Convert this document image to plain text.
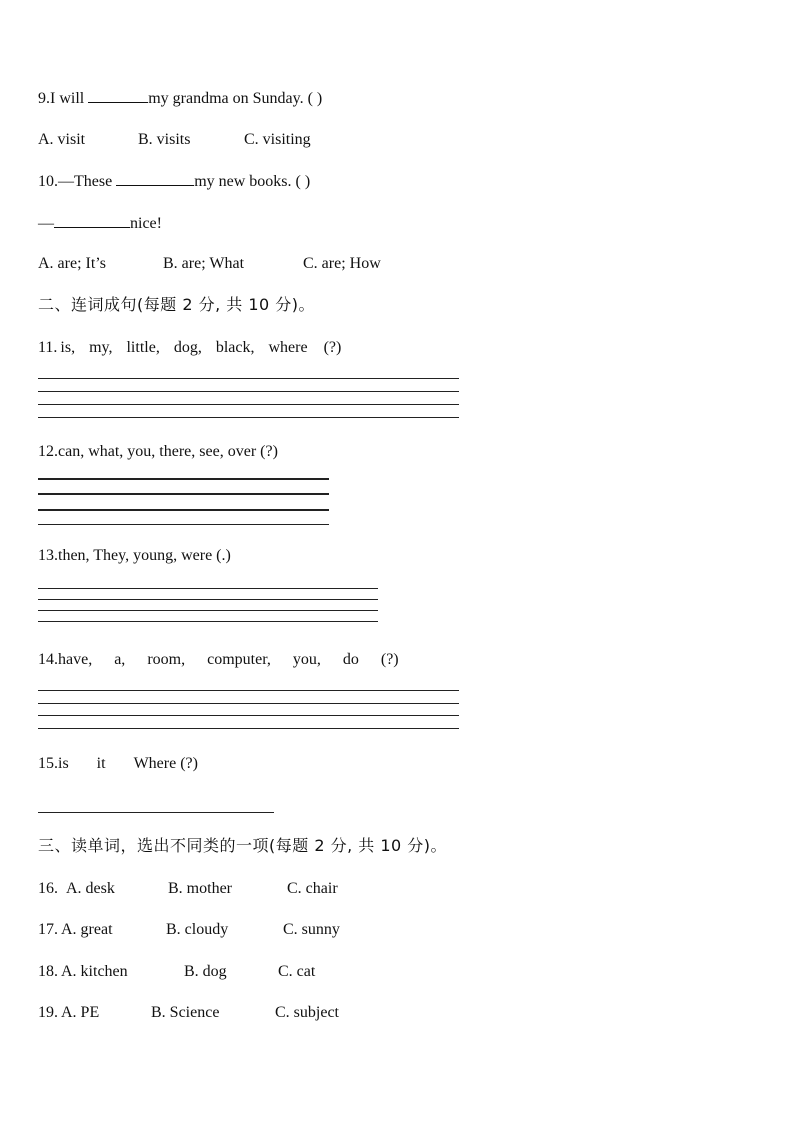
9.I will	my grandma on Sunday. ( )
A. visit	B. visits	C. visiting
10.—These	my new books. ( )
—	nice!
A. are; It’s	B. are; What	C. are; How
二、连词成句(每题 2 分, 共 10 分)。
11. is, my, little, dog, black, where (?)
12.can, what, you, there, see, over (?)
13.then, They, young, were (.)
14.have, a, room, computer, you, do (?)
15.is it Where (?)
三、读单词，选出不同类的一项(每题 2 分, 共 10 分)。
16. A. desk	B. mother	C. chair
17. A. great	B. cloudy	C. sunny
18. A. kitchen	B. dog	C. cat
19. A. PE	B. Science	C. subject
